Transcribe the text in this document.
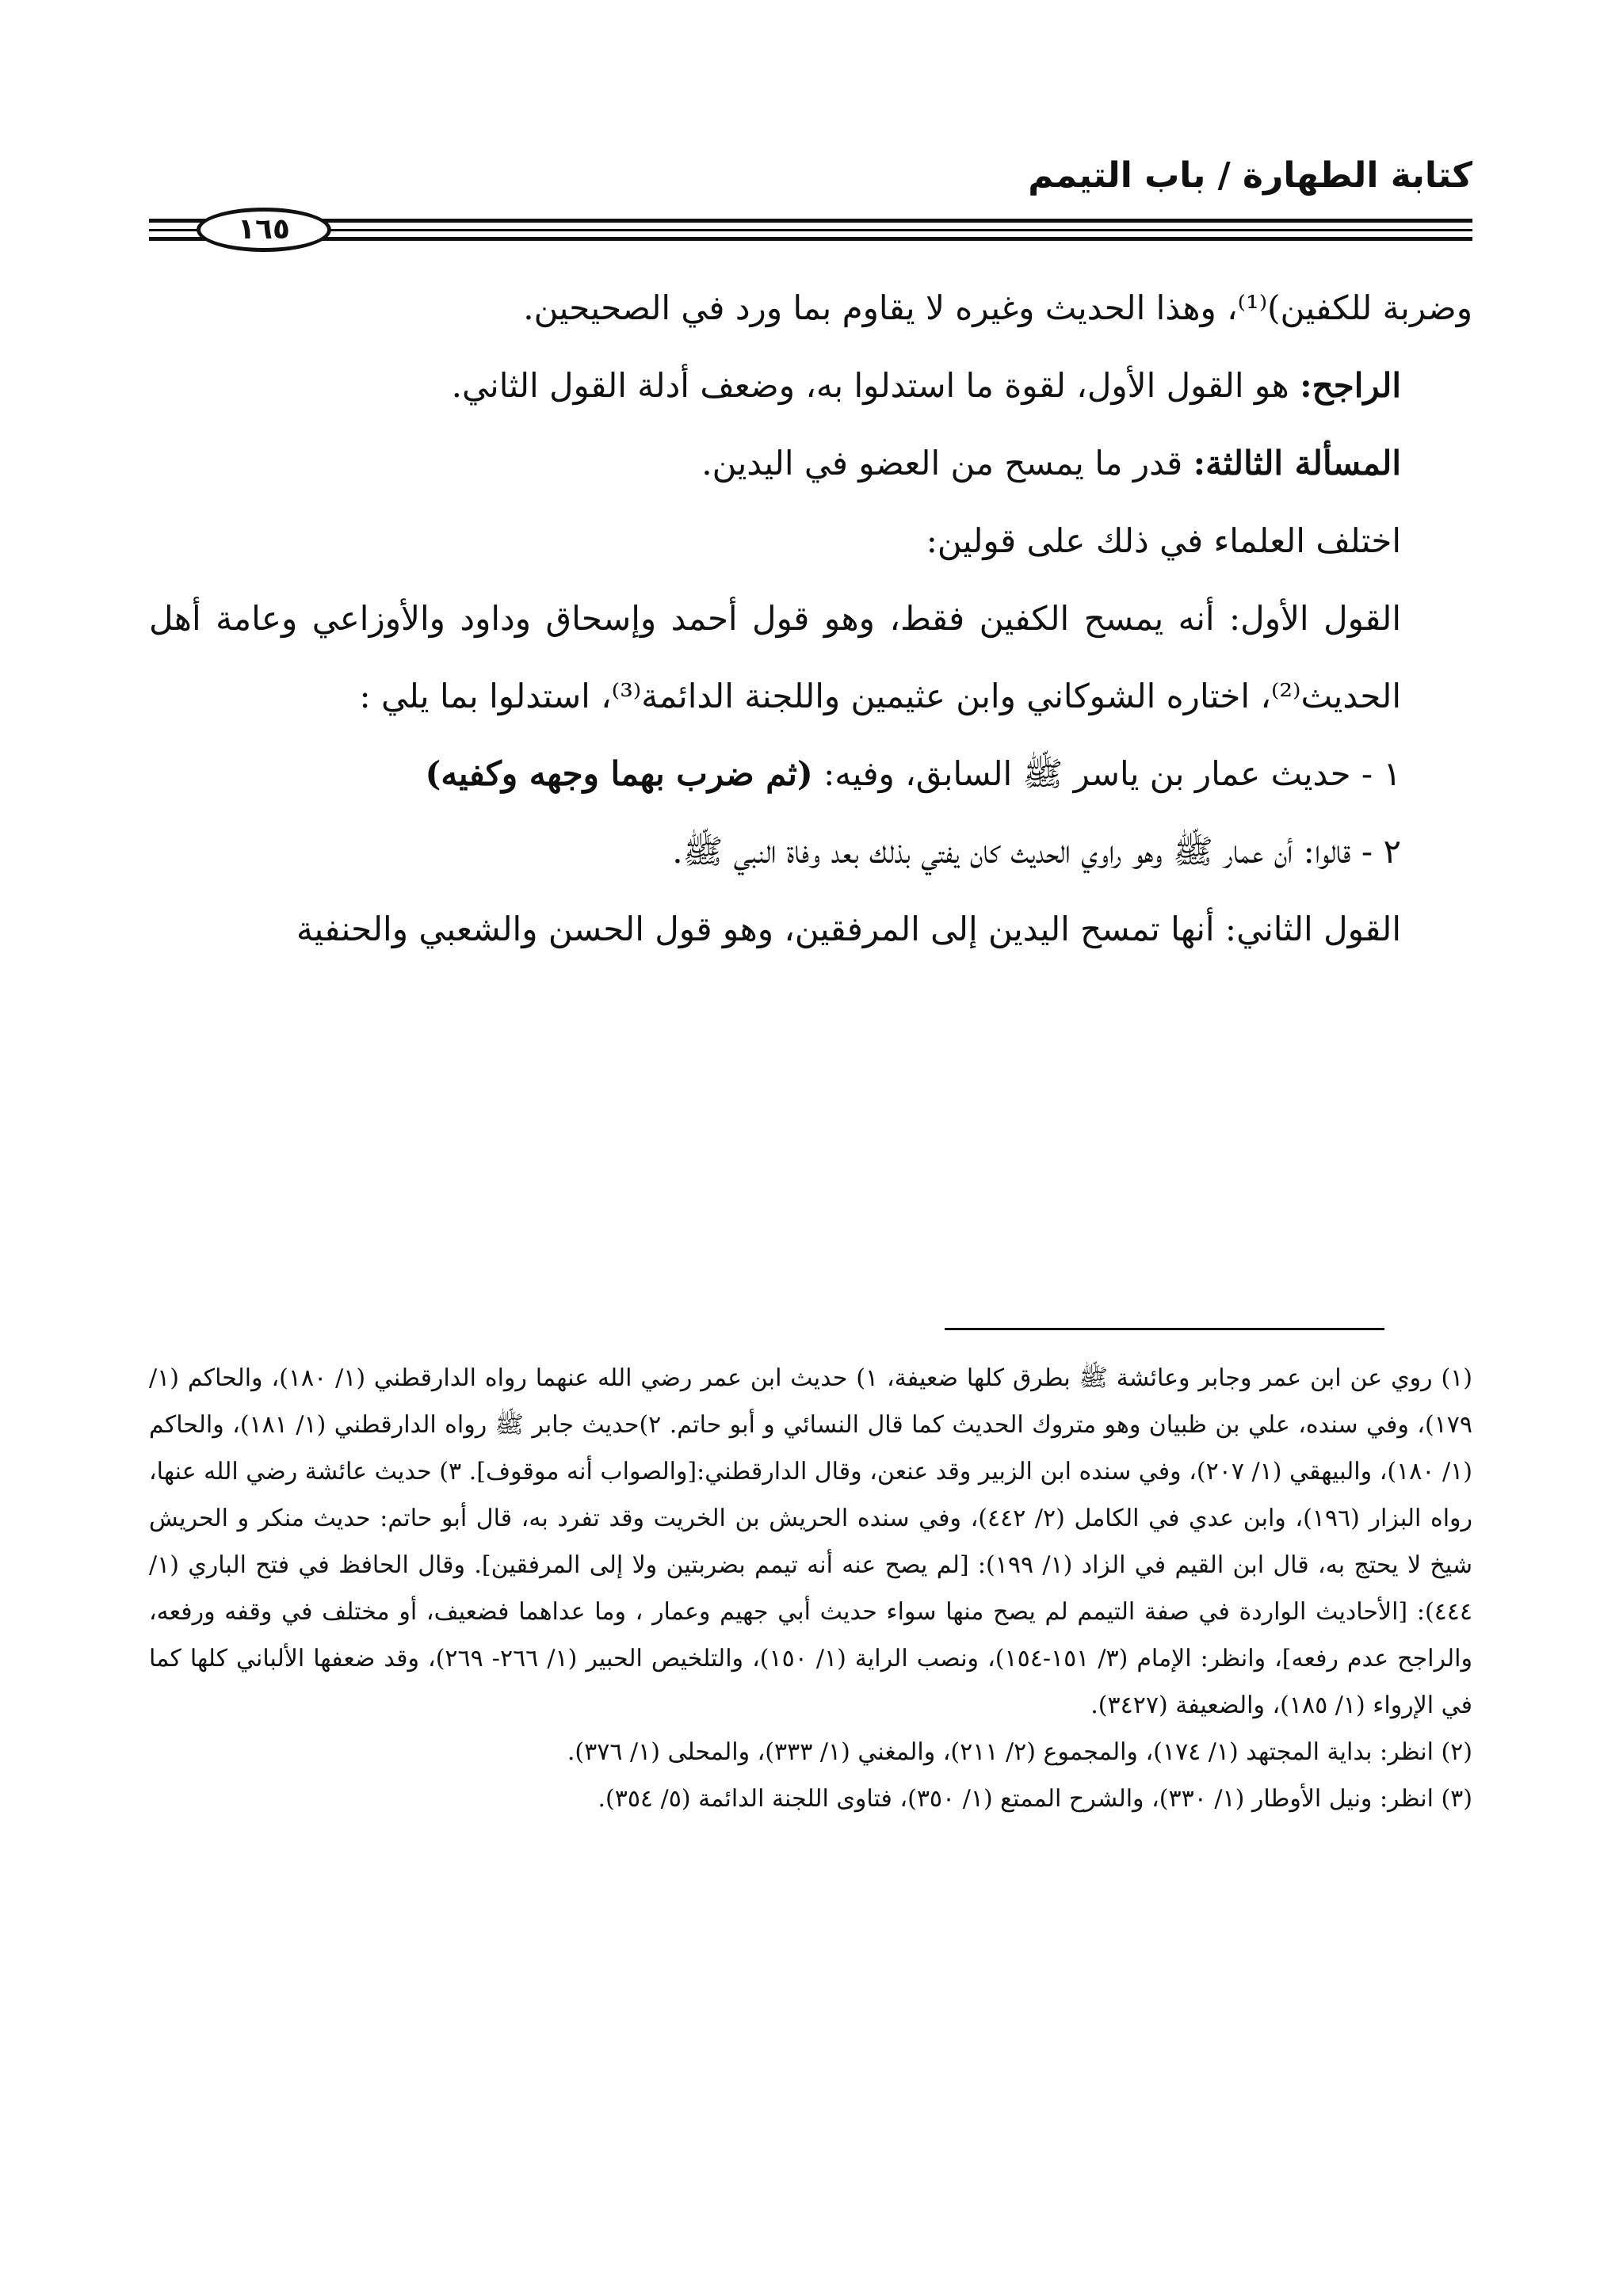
كتابة الطهارة / باب التيمم
١٦٥

وضربة للكفين)⁽¹⁾، وهذا الحديث وغيره لا يقاوم بما ورد في الصحيحين.

الراجح: هو القول الأول، لقوة ما استدلوا به، وضعف أدلة القول الثاني.

المسألة الثالثة: قدر ما يمسح من العضو في اليدين.

اختلف العلماء في ذلك على قولين:

القول الأول: أنه يمسح الكفين فقط، وهو قول أحمد وإسحاق وداود والأوزاعي وعامة أهل الحديث⁽²⁾، اختاره الشوكاني وابن عثيمين واللجنة الدائمة⁽³⁾، استدلوا بما يلي :

١ - حديث عمار بن ياسر ﷺ السابق، وفيه: (ثم ضرب بهما وجهه وكفيه)

٢ - قالوا: أن عمار ﷺ وهو راوي الحديث كان يفتي بذلك بعد وفاة النبي ﷺ.

القول الثاني: أنها تمسح اليدين إلى المرفقين، وهو قول الحسن والشعبي والحنفية

(١) روي عن ابن عمر وجابر وعائشة ﷺ بطرق كلها ضعيفة، ١) حديث ابن عمر رضي الله عنهما رواه الدارقطني (١/ ١٨٠)، والحاكم (١/ ١٧٩)، وفي سنده، علي بن ظبيان وهو متروك الحديث كما قال النسائي و أبو حاتم. ٢)حديث جابر ﷺ رواه الدارقطني (١/ ١٨١)، والحاكم (١/ ١٨٠)، والبيهقي (١/ ٢٠٧)، وفي سنده ابن الزبير وقد عنعن، وقال الدارقطني:[والصواب أنه موقوف]. ٣) حديث عائشة رضي الله عنها، رواه البزار (١٩٦)، وابن عدي في الكامل (٢/ ٤٤٢)، وفي سنده الحريش بن الخريت وقد تفرد به، قال أبو حاتم: حديث منكر و الحريش شيخ لا يحتج به، قال ابن القيم في الزاد (١/ ١٩٩): [لم يصح عنه أنه تيمم بضربتين ولا إلى المرفقين]. وقال الحافظ في فتح الباري (١/ ٤٤٤): [الأحاديث الواردة في صفة التيمم لم يصح منها سواء حديث أبي جهيم وعمار ، وما عداهما فضعيف، أو مختلف في وقفه ورفعه، والراجح عدم رفعه]، وانظر: الإمام (٣/ ١٥١-١٥٤)، ونصب الراية (١/ ١٥٠)، والتلخيص الحبير (١/ ٢٦٦- ٢٦٩)، وقد ضعفها الألباني كلها كما في الإرواء (١/ ١٨٥)، والضعيفة (٣٤٢٧).

(٢) انظر: بداية المجتهد (١/ ١٧٤)، والمجموع (٢/ ٢١١)، والمغني (١/ ٣٣٣)، والمحلى (١/ ٣٧٦).

(٣) انظر: ونيل الأوطار (١/ ٣٣٠)، والشرح الممتع (١/ ٣٥٠)، فتاوى اللجنة الدائمة (٥/ ٣٥٤).
